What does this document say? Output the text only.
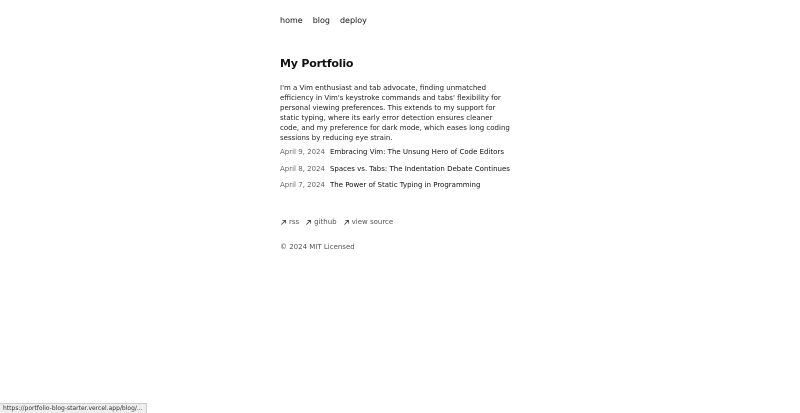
home blog deploy
My Portfolio

I'm a Vim enthusiast and tab advocate, finding unmatched efficiency in Vim's keystroke commands and tabs' flexibility for personal viewing preferences. This extends to my support for static typing, where its early error detection ensures cleaner code, and my preference for dark mode, which eases long coding sessions by reducing eye strain.

April 9, 2024 Embracing Vim: The Unsung Hero of Code Editors
April 8, 2024 Spaces vs. Tabs: The Indentation Debate Continues
April 7, 2024 The Power of Static Typing in Programming
rss github view source
© 2024 MIT Licensed
https://portfolio-blog-starter.vercel.app/blog/...
